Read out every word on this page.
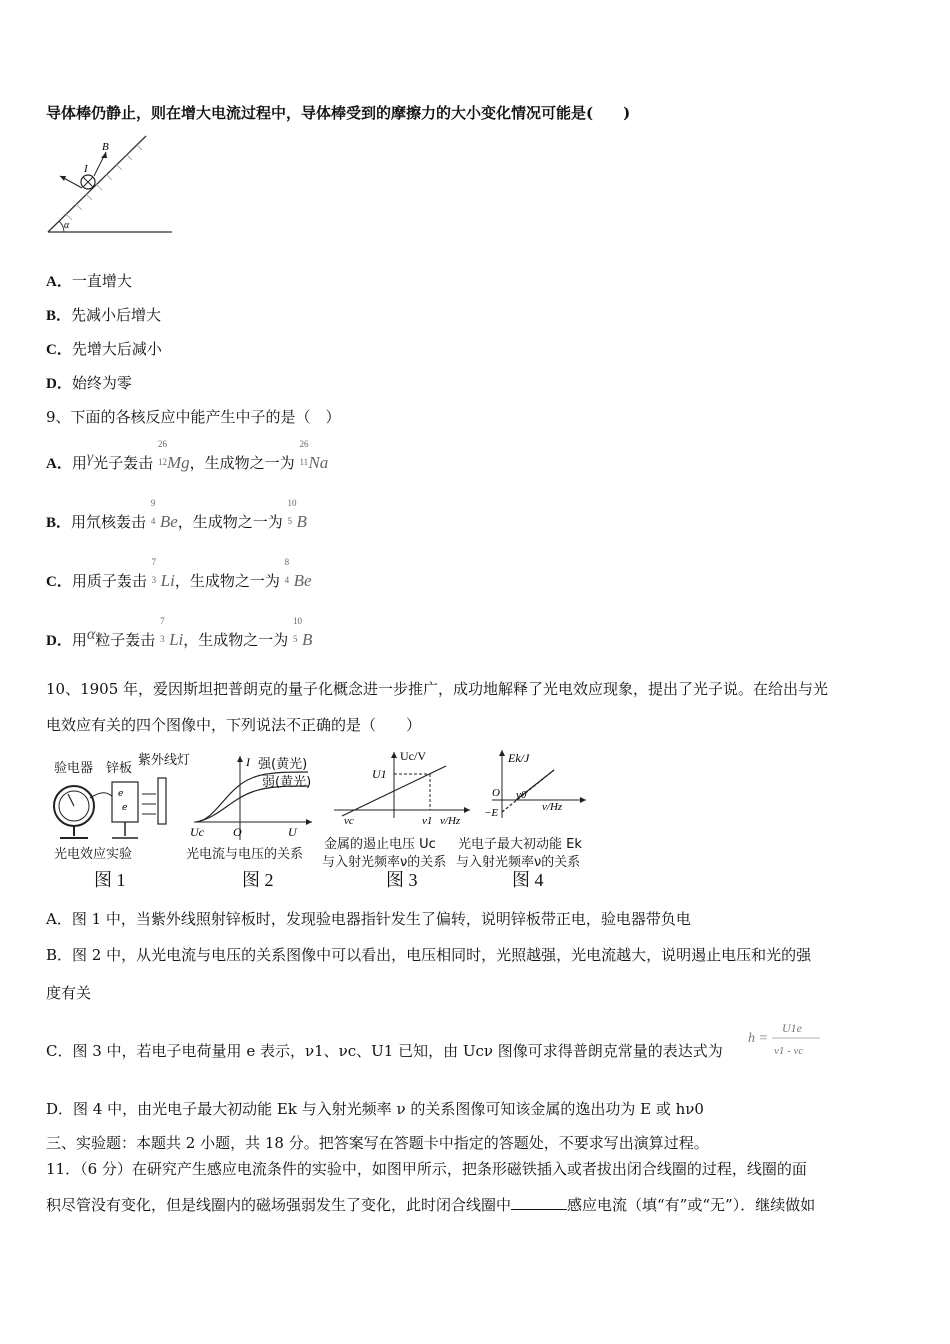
导体棒仍静止，则在增大电流过程中，导体棒受到的摩擦力的大小变化情况可能是(　　)
I
B
α
A．一直增大
B．先减小后增大
C．先增大后减小
D．始终为零
9、下面的各核反应中能产生中子的是（　）
A．用γ光子轰击
26
12 Mg，生成物之一为
26
11 Na
B．用氘核轰击
9
4 Be，生成物之一为
10
5 B
C．用质子轰击
7
3 Li，生成物之一为
8
4 Be
D．用α粒子轰击
7
3 Li，生成物之一为
10
5 B
10、1905 年，爱因斯坦把普朗克的量子化概念进一步推广，成功地解释了光电效应现象，提出了光子说。在给出与光
电效应有关的四个图像中，下列说法不正确的是（　　）
验电器 锌板
紫外线灯
e
e
光电效应实验
图 1
I 强(黄光)
弱(黄光)
Uc O	U
光电流与电压的关系
图 2
Uc/V
U1
νc	ν1 ν/Hz
金属的遏止电压 Uc
与入射光频率ν的关系
图 3
Ek/J
O ν0
ν/Hz
−E
光电子最大初动能 Ek
与入射光频率ν的关系
图 4
A．图 1 中，当紫外线照射锌板时，发现验电器指针发生了偏转，说明锌板带正电，验电器带负电
B．图 2 中，从光电流与电压的关系图像中可以看出，电压相同时，光照越强，光电流越大，说明遏止电压和光的强
度有关
C．图 3 中，若电子电荷量用 e 表示，ν1、νc、U1 已知，由 Ucν 图像可求得普朗克常量的表达式为
h =
U1e
ν1 - νc
D．图 4 中，由光电子最大初动能 Ek 与入射光频率 ν 的关系图像可知该金属的逸出功为 E 或 hν0
三、实验题：本题共 2 小题，共 18 分。把答案写在答题卡中指定的答题处，不要求写出演算过程。
11．（6 分）在研究产生感应电流条件的实验中，如图甲所示，把条形磁铁插入或者拔出闭合线圈的过程，线圈的面
积尽管没有变化，但是线圈内的磁场强弱发生了变化，此时闭合线圈中	感应电流（填“有”或“无”）．继续做如
